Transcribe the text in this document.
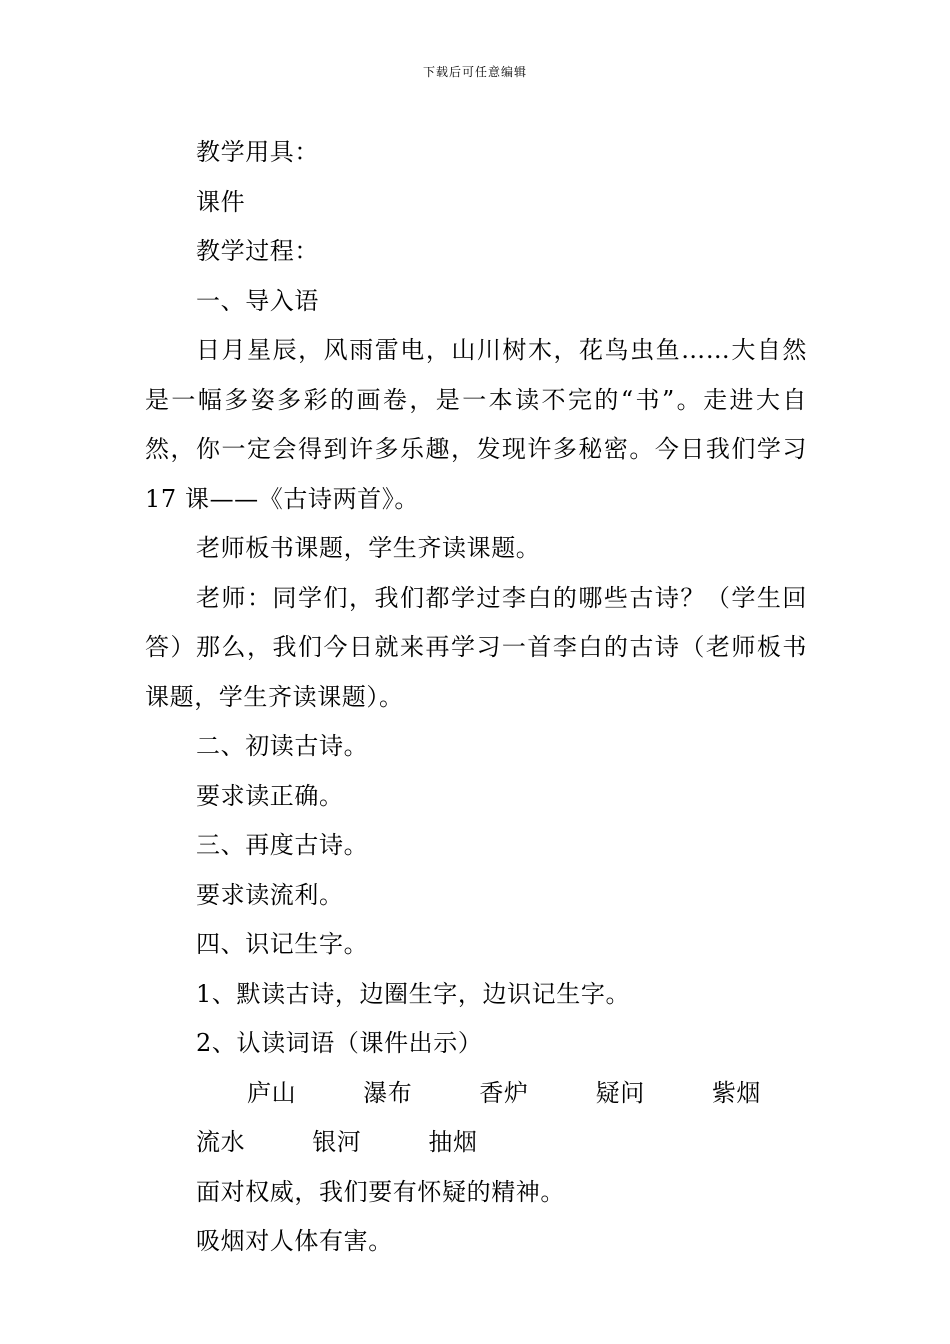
下载后可任意编辑

教学用具：

课件

教学过程：

一、导入语

日月星辰，风雨雷电，山川树木，花鸟虫鱼……大自然是一幅多姿多彩的画卷，是一本读不完的“书”。走进大自然，你一定会得到许多乐趣，发现许多秘密。今日我们学习 17 课——《古诗两首》。

老师板书课题，学生齐读课题。

老师：同学们，我们都学过李白的哪些古诗？（学生回答）那么，我们今日就来再学习一首李白的古诗（老师板书课题，学生齐读课题）。

二、初读古诗。

要求读正确。

三、再度古诗。

要求读流利。

四、识记生字。

1、默读古诗，边圈生字，边识记生字。

2、认读词语（课件出示）

庐山	瀑布	香炉	疑问	紫烟流水	银河	抽烟

面对权威，我们要有怀疑的精神。

吸烟对人体有害。
